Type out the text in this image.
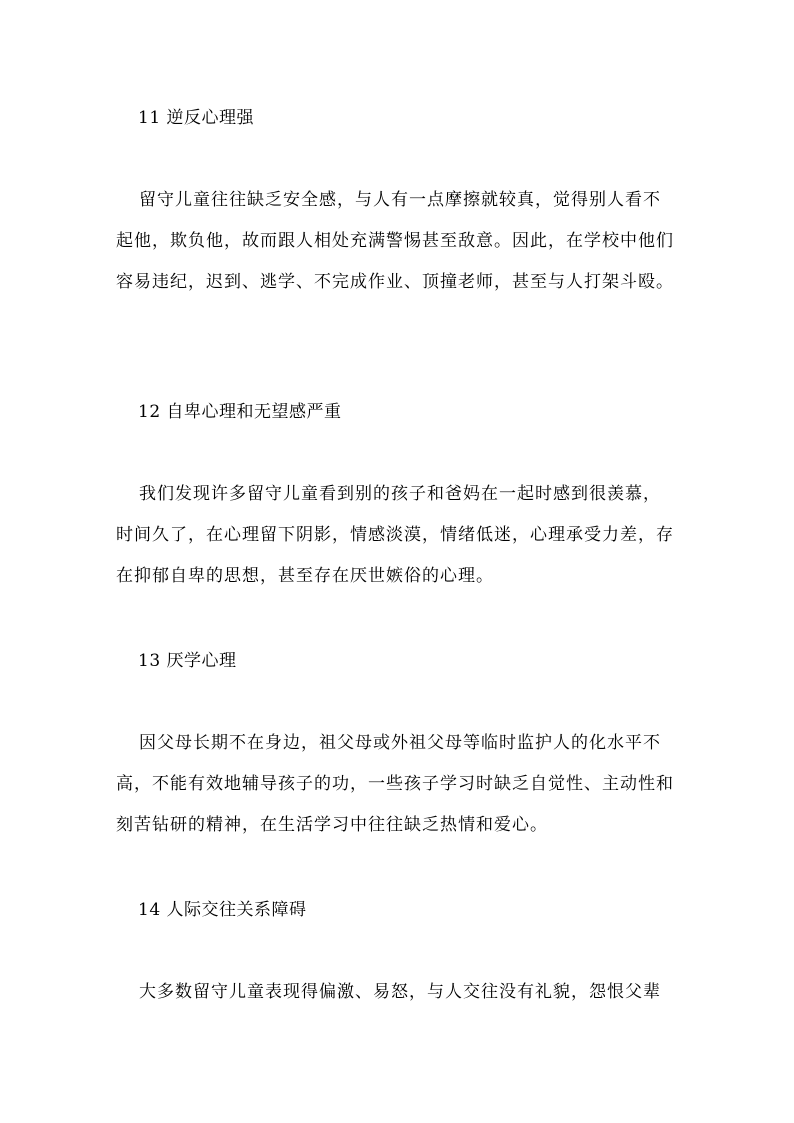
11 逆反心理强

留守儿童往往缺乏安全感，与人有一点摩擦就较真，觉得别人看不起他，欺负他，故而跟人相处充满警惕甚至敌意。因此，在学校中他们容易违纪，迟到、逃学、不完成作业、顶撞老师，甚至与人打架斗殴。

12 自卑心理和无望感严重

我们发现许多留守儿童看到别的孩子和爸妈在一起时感到很羡慕，时间久了，在心理留下阴影，情感淡漠，情绪低迷，心理承受力差，存在抑郁自卑的思想，甚至存在厌世嫉俗的心理。

13 厌学心理

因父母长期不在身边，祖父母或外祖父母等临时监护人的化水平不高，不能有效地辅导孩子的功，一些孩子学习时缺乏自觉性、主动性和刻苦钻研的精神，在生活学习中往往缺乏热情和爱心。

14 人际交往关系障碍

大多数留守儿童表现得偏激、易怒，与人交往没有礼貌，怨恨父辈
